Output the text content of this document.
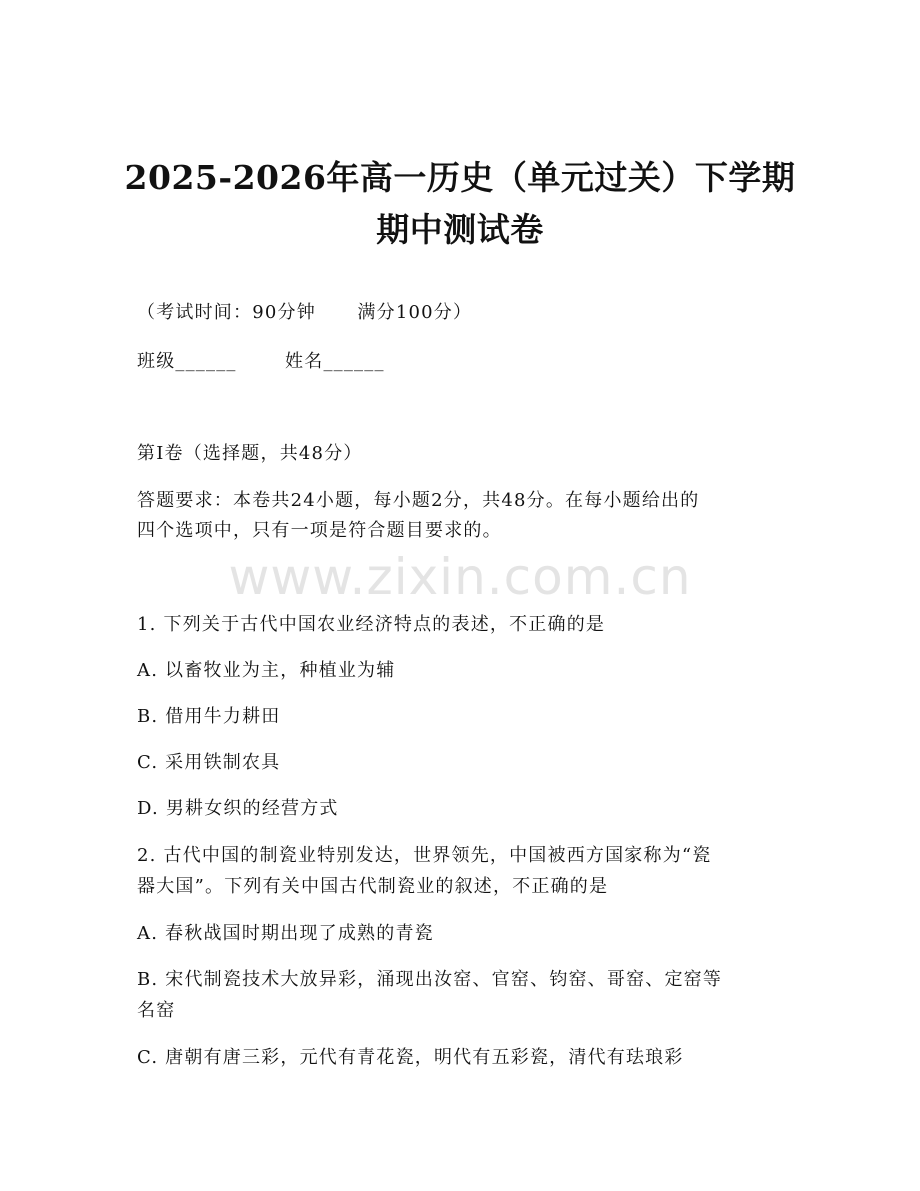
2025-2026年高一历史（单元过关）下学期
期中测试卷
（考试时间：90分钟      满分100分）
班级______       姓名______
第I卷（选择题，共48分）
答题要求：本卷共24小题，每小题2分，共48分。在每小题给出的
四个选项中，只有一项是符合题目要求的。
www.zixin.com.cn
1. 下列关于古代中国农业经济特点的表述，不正确的是
A. 以畜牧业为主，种植业为辅
B. 借用牛力耕田
C. 采用铁制农具
D. 男耕女织的经营方式
2. 古代中国的制瓷业特别发达，世界领先，中国被西方国家称为“瓷
器大国”。下列有关中国古代制瓷业的叙述，不正确的是
A. 春秋战国时期出现了成熟的青瓷
B. 宋代制瓷技术大放异彩，涌现出汝窑、官窑、钧窑、哥窑、定窑等
名窑
C. 唐朝有唐三彩，元代有青花瓷，明代有五彩瓷，清代有珐琅彩
